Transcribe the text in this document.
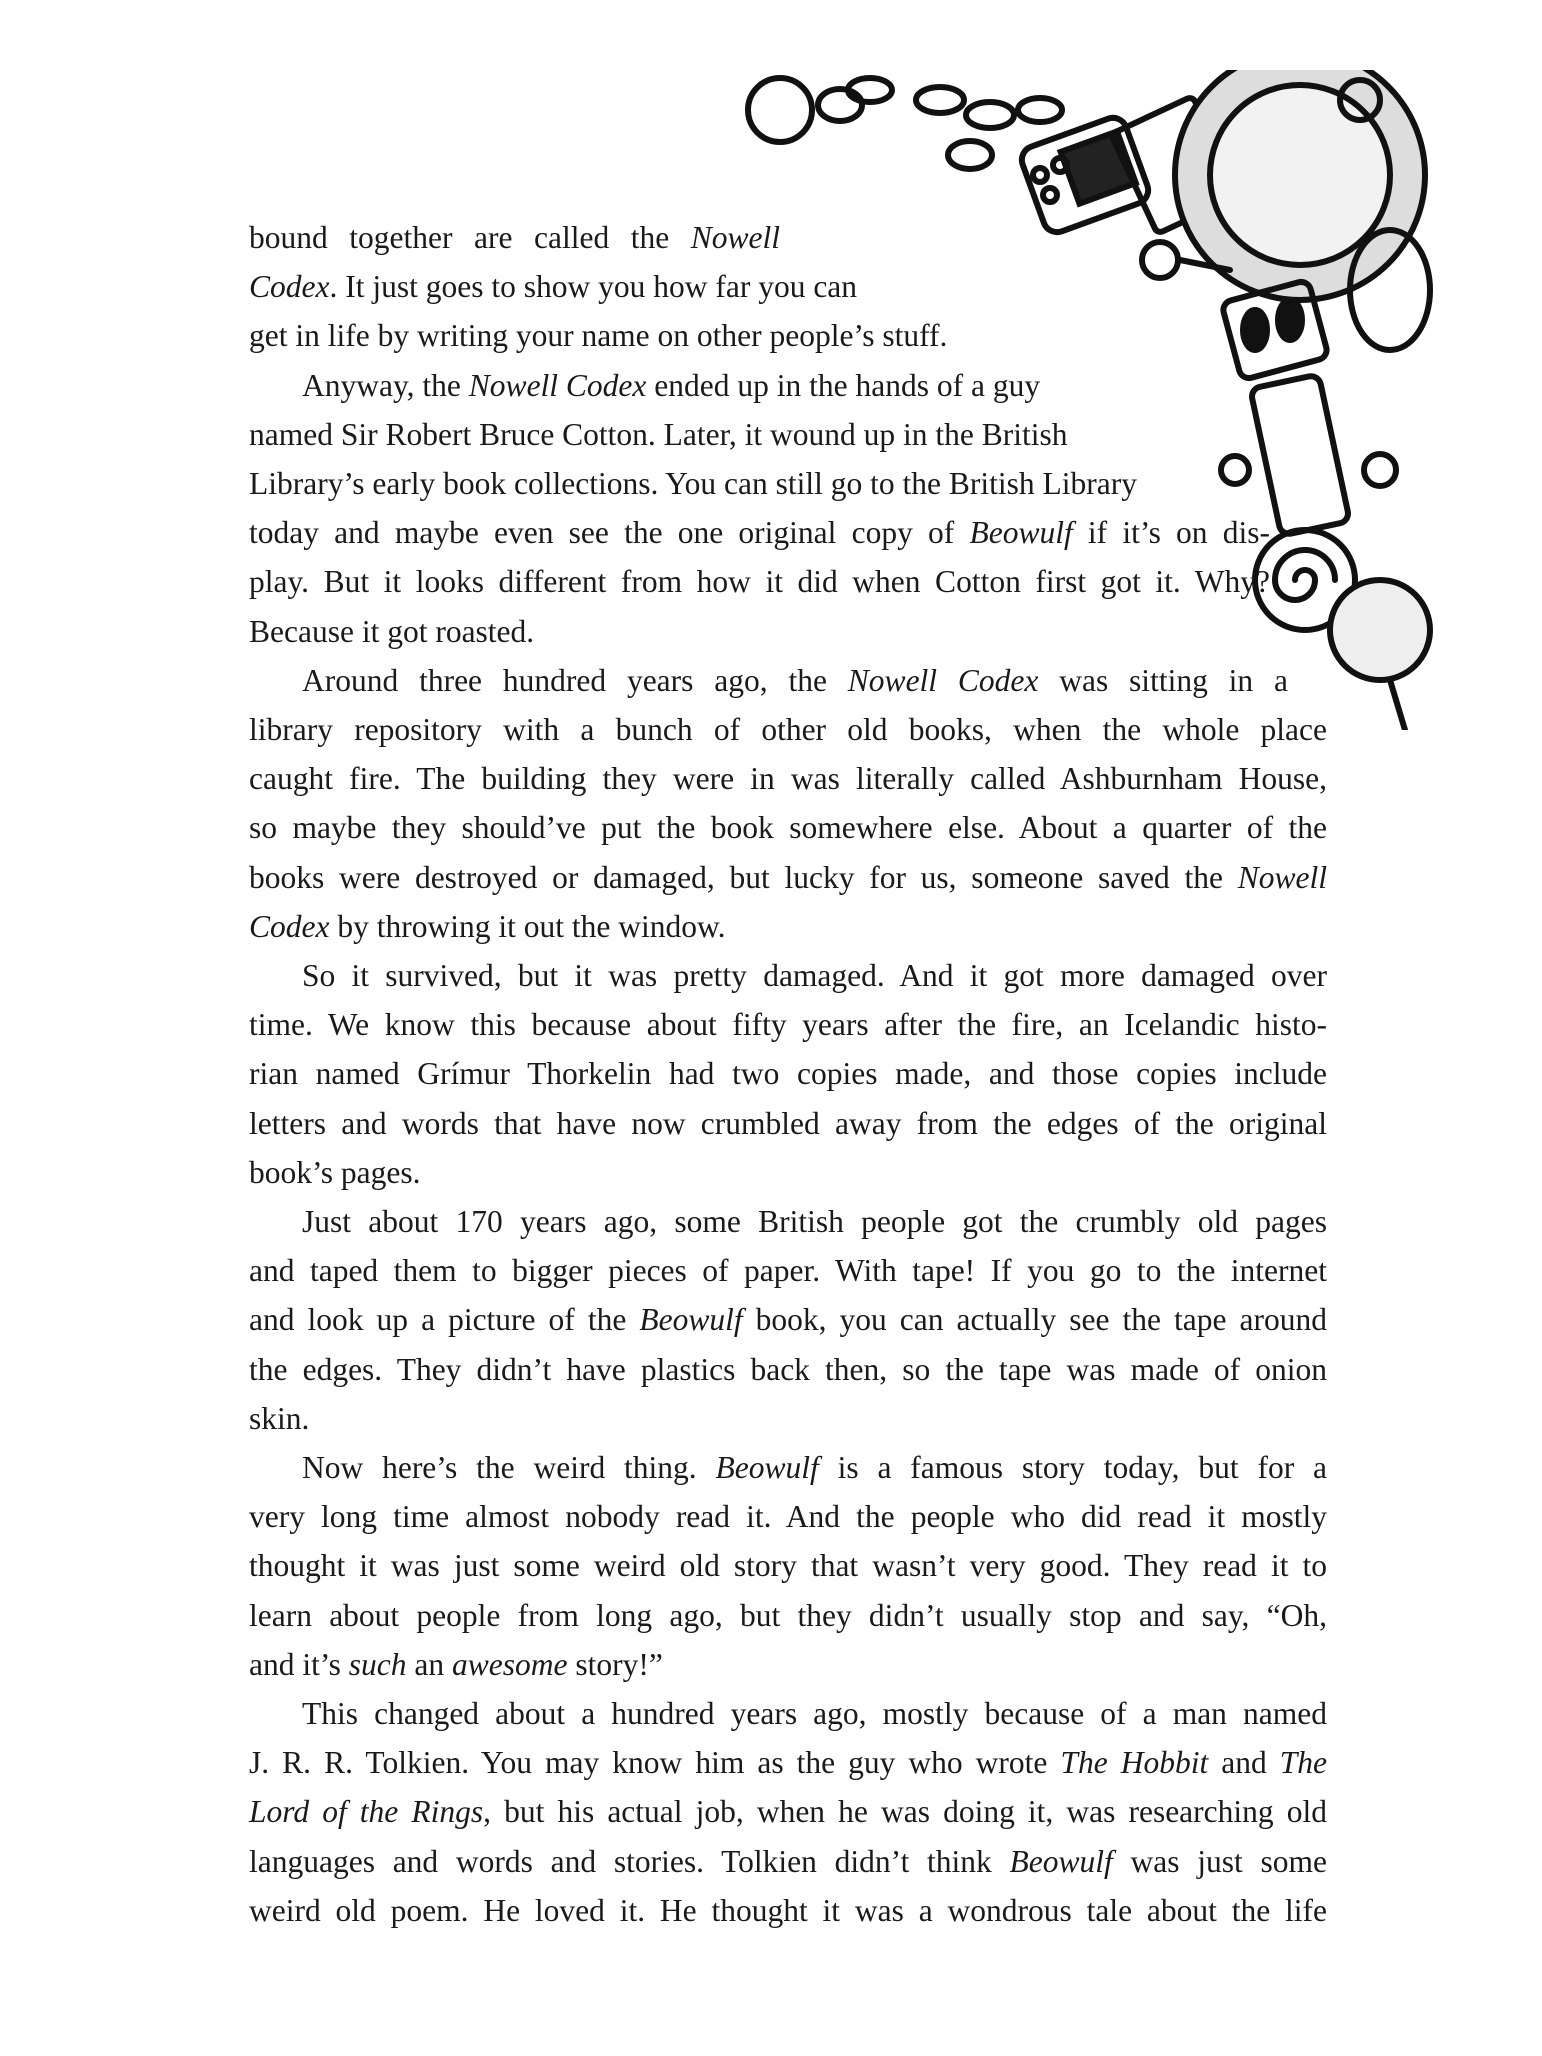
bound together are called the Nowell
Codex. It just goes to show you how far you can
get in life by writing your name on other people’s stuff.
Anyway, the Nowell Codex ended up in the hands of a guy
named Sir Robert Bruce Cotton. Later, it wound up in the British
Library’s early book collections. You can still go to the British Library
today and maybe even see the one original copy of Beowulf if it’s on dis-
play. But it looks different from how it did when Cotton first got it. Why?
Because it got roasted.
Around three hundred years ago, the Nowell Codex was sitting in a
library repository with a bunch of other old books, when the whole place
caught fire. The building they were in was literally called Ashburnham House,
so maybe they should’ve put the book somewhere else. About a quarter of the
books were destroyed or damaged, but lucky for us, someone saved the Nowell
Codex by throwing it out the window.
So it survived, but it was pretty damaged. And it got more damaged over
time. We know this because about fifty years after the fire, an Icelandic histo-
rian named Grímur Thorkelin had two copies made, and those copies include
letters and words that have now crumbled away from the edges of the original
book’s pages.
Just about 170 years ago, some British people got the crumbly old pages
and taped them to bigger pieces of paper. With tape! If you go to the internet
and look up a picture of the Beowulf book, you can actually see the tape around
the edges. They didn’t have plastics back then, so the tape was made of onion
skin.
Now here’s the weird thing. Beowulf is a famous story today, but for a
very long time almost nobody read it. And the people who did read it mostly
thought it was just some weird old story that wasn’t very good. They read it to
learn about people from long ago, but they didn’t usually stop and say, “Oh,
and it’s such an awesome story!”
This changed about a hundred years ago, mostly because of a man named
J. R. R. Tolkien. You may know him as the guy who wrote The Hobbit and The
Lord of the Rings, but his actual job, when he was doing it, was researching old
languages and words and stories. Tolkien didn’t think Beowulf was just some
weird old poem. He loved it. He thought it was a wondrous tale about the life
